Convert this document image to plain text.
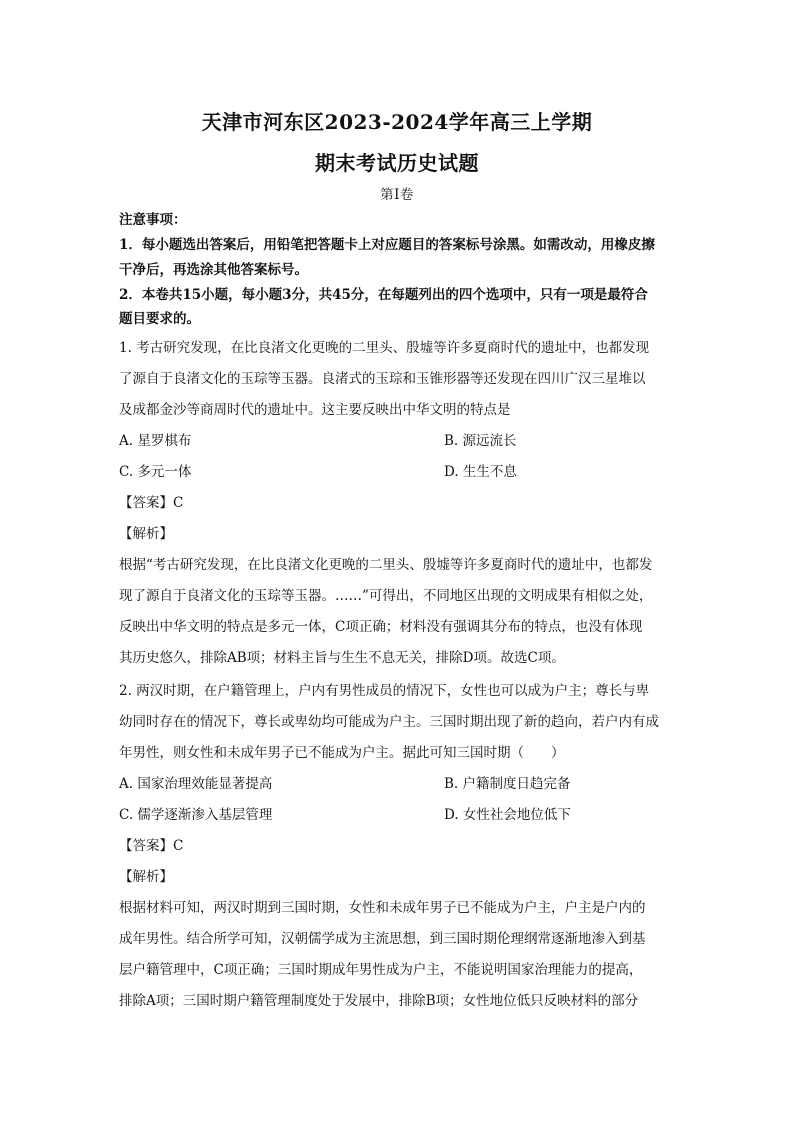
天津市河东区2023-2024学年高三上学期
期末考试历史试题
第Ⅰ卷
注意事项：
1．每小题选出答案后，用铅笔把答题卡上对应题目的答案标号涂黑。如需改动，用橡皮擦
干净后，再选涂其他答案标号。
2．本卷共15小题，每小题3分，共45分，在每题列出的四个选项中，只有一项是最符合
题目要求的。
1. 考古研究发现，在比良渚文化更晚的二里头、殷墟等许多夏商时代的遗址中，也都发现
了源自于良渚文化的玉琮等玉器。良渚式的玉琮和玉锥形器等还发现在四川广汉三星堆以
及成都金沙等商周时代的遗址中。这主要反映出中华文明的特点是
A. 星罗棋布	B. 源远流长
C. 多元一体	D. 生生不息
【答案】C
【解析】
根据“考古研究发现，在比良渚文化更晚的二里头、殷墟等许多夏商时代的遗址中，也都发
现了源自于良渚文化的玉琮等玉器。……”可得出，不同地区出现的文明成果有相似之处，
反映出中华文明的特点是多元一体，C项正确；材料没有强调其分布的特点，也没有体现
其历史悠久，排除AB项；材料主旨与生生不息无关，排除D项。故选C项。
2. 两汉时期，在户籍管理上，户内有男性成员的情况下，女性也可以成为户主；尊长与卑
幼同时存在的情况下，尊长或卑幼均可能成为户主。三国时期出现了新的趋向，若户内有成
年男性，则女性和未成年男子已不能成为户主。据此可知三国时期（　　）
A. 国家治理效能显著提高	B. 户籍制度日趋完备
C. 儒学逐渐渗入基层管理	D. 女性社会地位低下
【答案】C
【解析】
根据材料可知，两汉时期到三国时期，女性和未成年男子已不能成为户主，户主是户内的
成年男性。结合所学可知，汉朝儒学成为主流思想，到三国时期伦理纲常逐渐地渗入到基
层户籍管理中，C项正确；三国时期成年男性成为户主，不能说明国家治理能力的提高，
排除A项；三国时期户籍管理制度处于发展中，排除B项；女性地位低只反映材料的部分
